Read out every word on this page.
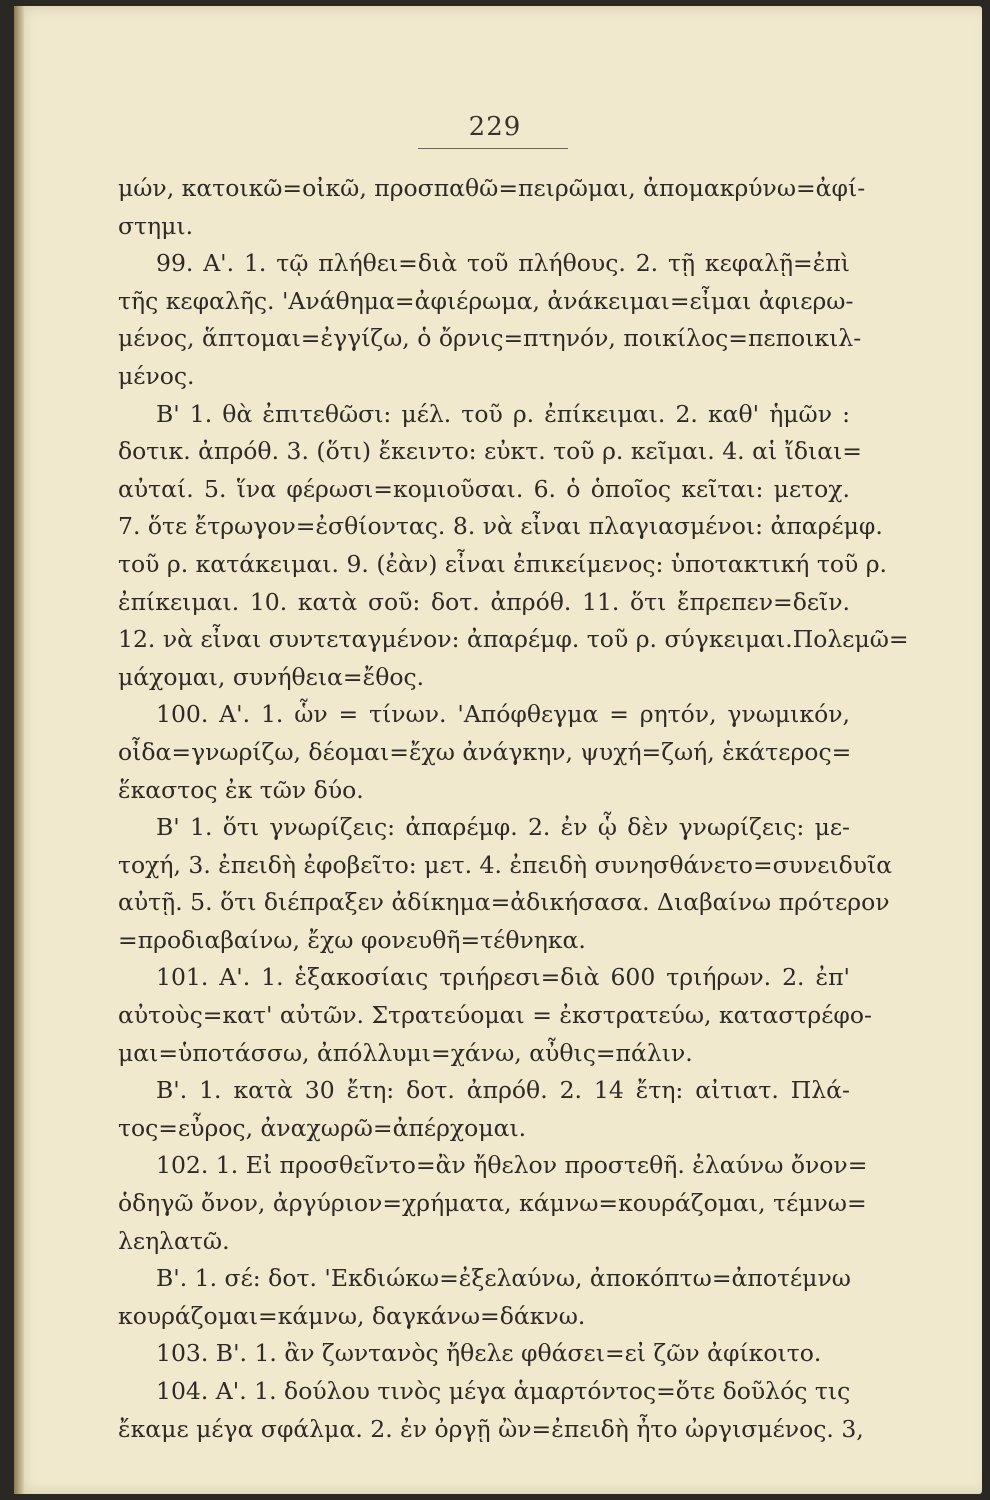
229
μών, κατοικῶ=οἰκῶ, προσπαθῶ=πειρῶμαι, ἀπομακρύνω=ἀφί-
στημι.
99. Α'. 1. τῷ πλήθει=διὰ τοῦ πλήθους. 2. τῇ κεφαλῇ=ἐπὶ
τῆς κεφαλῆς. 'Ανάθημα=ἀφιέρωμα, ἀνάκειμαι=εἶμαι ἀφιερω-
μένος, ἅπτομαι=ἐγγίζω, ὁ ὄρνις=πτηνόν, ποικίλος=πεποικιλ-
μένος.
Β' 1. θὰ ἐπιτεθῶσι: μέλ. τοῦ ρ. ἐπίκειμαι. 2. καθ' ἡμῶν :
δοτικ. ἀπρόθ. 3. (ὅτι) ἔκειντο: εὐκτ. τοῦ ρ. κεῖμαι. 4. αἱ ἴδιαι=
αὐταί. 5. ἵνα φέρωσι=κομιοῦσαι. 6. ὁ ὁποῖος κεῖται: μετοχ.
7. ὅτε ἔτρωγον=ἐσθίοντας. 8. νὰ εἶναι πλαγιασμένοι: ἀπαρέμφ.
τοῦ ρ. κατάκειμαι. 9. (ἐὰν) εἶναι ἐπικείμενος: ὑποτακτική τοῦ ρ.
ἐπίκειμαι. 10. κατὰ σοῦ: δοτ. ἀπρόθ. 11. ὅτι ἔπρεπεν=δεῖν.
12. νὰ εἶναι συντεταγμένον: ἀπαρέμφ. τοῦ ρ. σύγκειμαι.Πολεμῶ=
μάχομαι, συνήθεια=ἔθος.
100. Α'. 1. ὧν = τίνων. 'Απόφθεγμα = ρητόν, γνωμικόν,
οἶδα=γνωρίζω, δέομαι=ἔχω ἀνάγκην, ψυχή=ζωή, ἑκάτερος=
ἕκαστος ἐκ τῶν δύο.
Β' 1. ὅτι γνωρίζεις: ἀπαρέμφ. 2. ἐν ᾧ δὲν γνωρίζεις: με-
τοχή, 3. ἐπειδὴ ἐφοβεῖτο: μετ. 4. ἐπειδὴ συνησθάνετο=συνειδυῖα
αὐτῇ. 5. ὅτι διέπραξεν ἀδίκημα=ἀδικήσασα. Διαβαίνω πρότερον
=προδιαβαίνω, ἔχω φονευθῆ=τέθνηκα.
101. Α'. 1. ἑξακοσίαις τριήρεσι=διὰ 600 τριήρων. 2. ἐπ'
αὐτοὺς=κατ' αὐτῶν. Στρατεύομαι = ἐκστρατεύω, καταστρέφο-
μαι=ὑποτάσσω, ἀπόλλυμι=χάνω, αὖθις=πάλιν.
Β'. 1. κατὰ 30 ἔτη: δοτ. ἀπρόθ. 2. 14 ἔτη: αἰτιατ. Πλά-
τος=εὖρος, ἀναχωρῶ=ἀπέρχομαι.
102. 1. Εἰ προσθεῖντο=ἂν ἤθελον προστεθῆ. ἐλαύνω ὄνον=
ὁδηγῶ ὄνον, ἀργύριον=χρήματα, κάμνω=κουράζομαι, τέμνω=
λεηλατῶ.
Β'. 1. σέ: δοτ. 'Εκδιώκω=ἐξελαύνω, ἀποκόπτω=ἀποτέμνω
κουράζομαι=κάμνω, δαγκάνω=δάκνω.
103. Β'. 1. ἂν ζωντανὸς ἤθελε φθάσει=εἰ ζῶν ἀφίκοιτο.
104. Α'. 1. δούλου τινὸς μέγα ἁμαρτόντος=ὅτε δοῦλός τις
ἔκαμε μέγα σφάλμα. 2. ἐν ὀργῇ ὢν=ἐπειδὴ ἦτο ὠργισμένος. 3,
